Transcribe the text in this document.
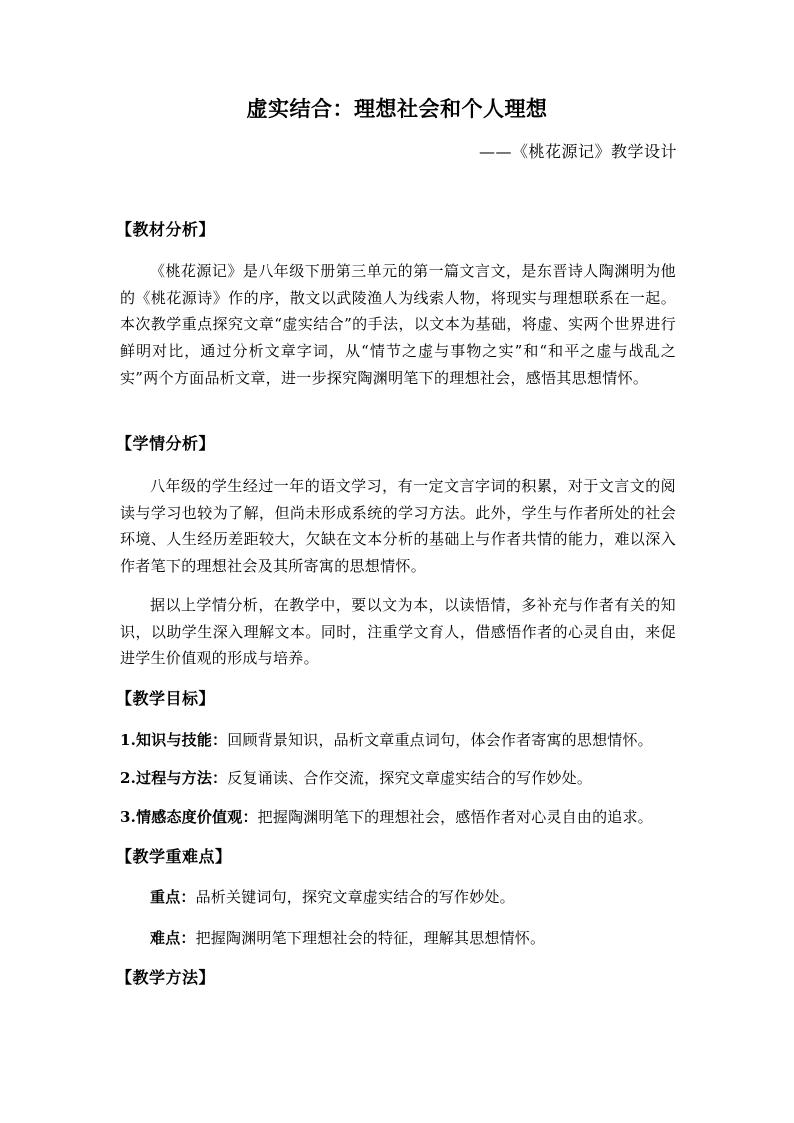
虚实结合：理想社会和个人理想
——《桃花源记》教学设计
【教材分析】
《桃花源记》是八年级下册第三单元的第一篇文言文，是东晋诗人陶渊明为他的《桃花源诗》作的序，散文以武陵渔人为线索人物，将现实与理想联系在一起。本次教学重点探究文章“虚实结合”的手法，以文本为基础，将虚、实两个世界进行鲜明对比，通过分析文章字词，从“情节之虚与事物之实”和“和平之虚与战乱之实”两个方面品析文章，进一步探究陶渊明笔下的理想社会，感悟其思想情怀。
【学情分析】
八年级的学生经过一年的语文学习，有一定文言字词的积累，对于文言文的阅读与学习也较为了解，但尚未形成系统的学习方法。此外，学生与作者所处的社会环境、人生经历差距较大，欠缺在文本分析的基础上与作者共情的能力，难以深入作者笔下的理想社会及其所寄寓的思想情怀。
据以上学情分析，在教学中，要以文为本，以读悟情，多补充与作者有关的知识，以助学生深入理解文本。同时，注重学文育人，借感悟作者的心灵自由，来促进学生价值观的形成与培养。
【教学目标】
1.知识与技能：回顾背景知识，品析文章重点词句，体会作者寄寓的思想情怀。
2.过程与方法：反复诵读、合作交流，探究文章虚实结合的写作妙处。
3.情感态度价值观：把握陶渊明笔下的理想社会，感悟作者对心灵自由的追求。
【教学重难点】
重点：品析关键词句，探究文章虚实结合的写作妙处。
难点：把握陶渊明笔下理想社会的特征，理解其思想情怀。
【教学方法】
